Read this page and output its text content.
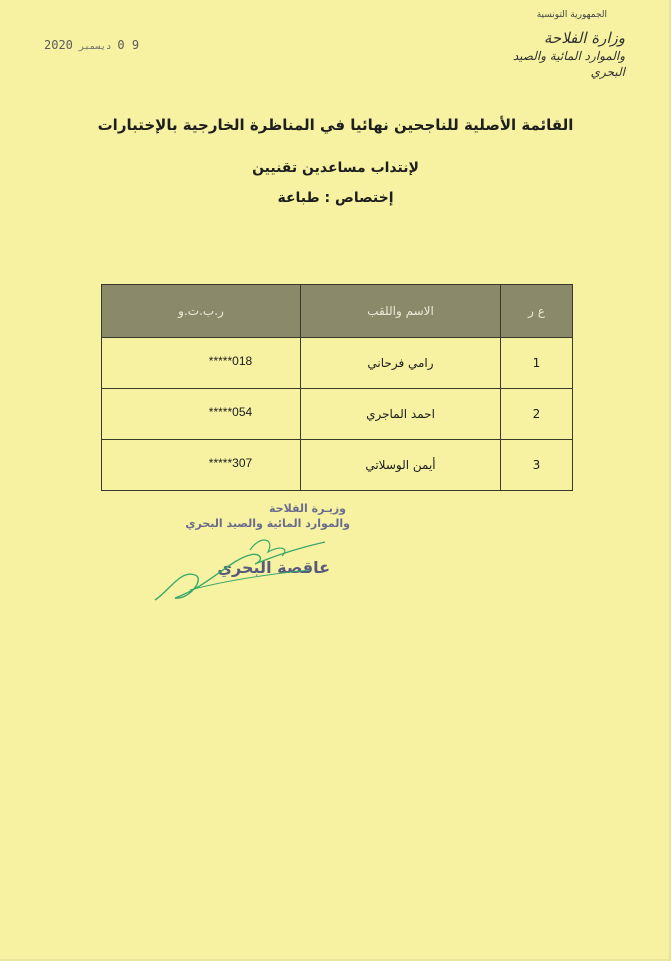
2020 ديسمبر 0 9
الجمهورية التونسية
وزارة الفلاحة
والموارد المائية والصيد البحري
القائمة الأصلية للناجحين نهائيا في المناظرة الخارجية بالإختبارات
لإنتداب مساعدين تقنيين
إختصاص : طباعة
ع ر	الاسم واللقب	ر.ب.ت.و
1	رامي فرحاني	*****018
2	احمد الماجري	*****054
3	أيمن الوسلاتي	*****307
وزيـرة الفلاحة
والموارد المائية والصيد البحري
عاقصة البحري
